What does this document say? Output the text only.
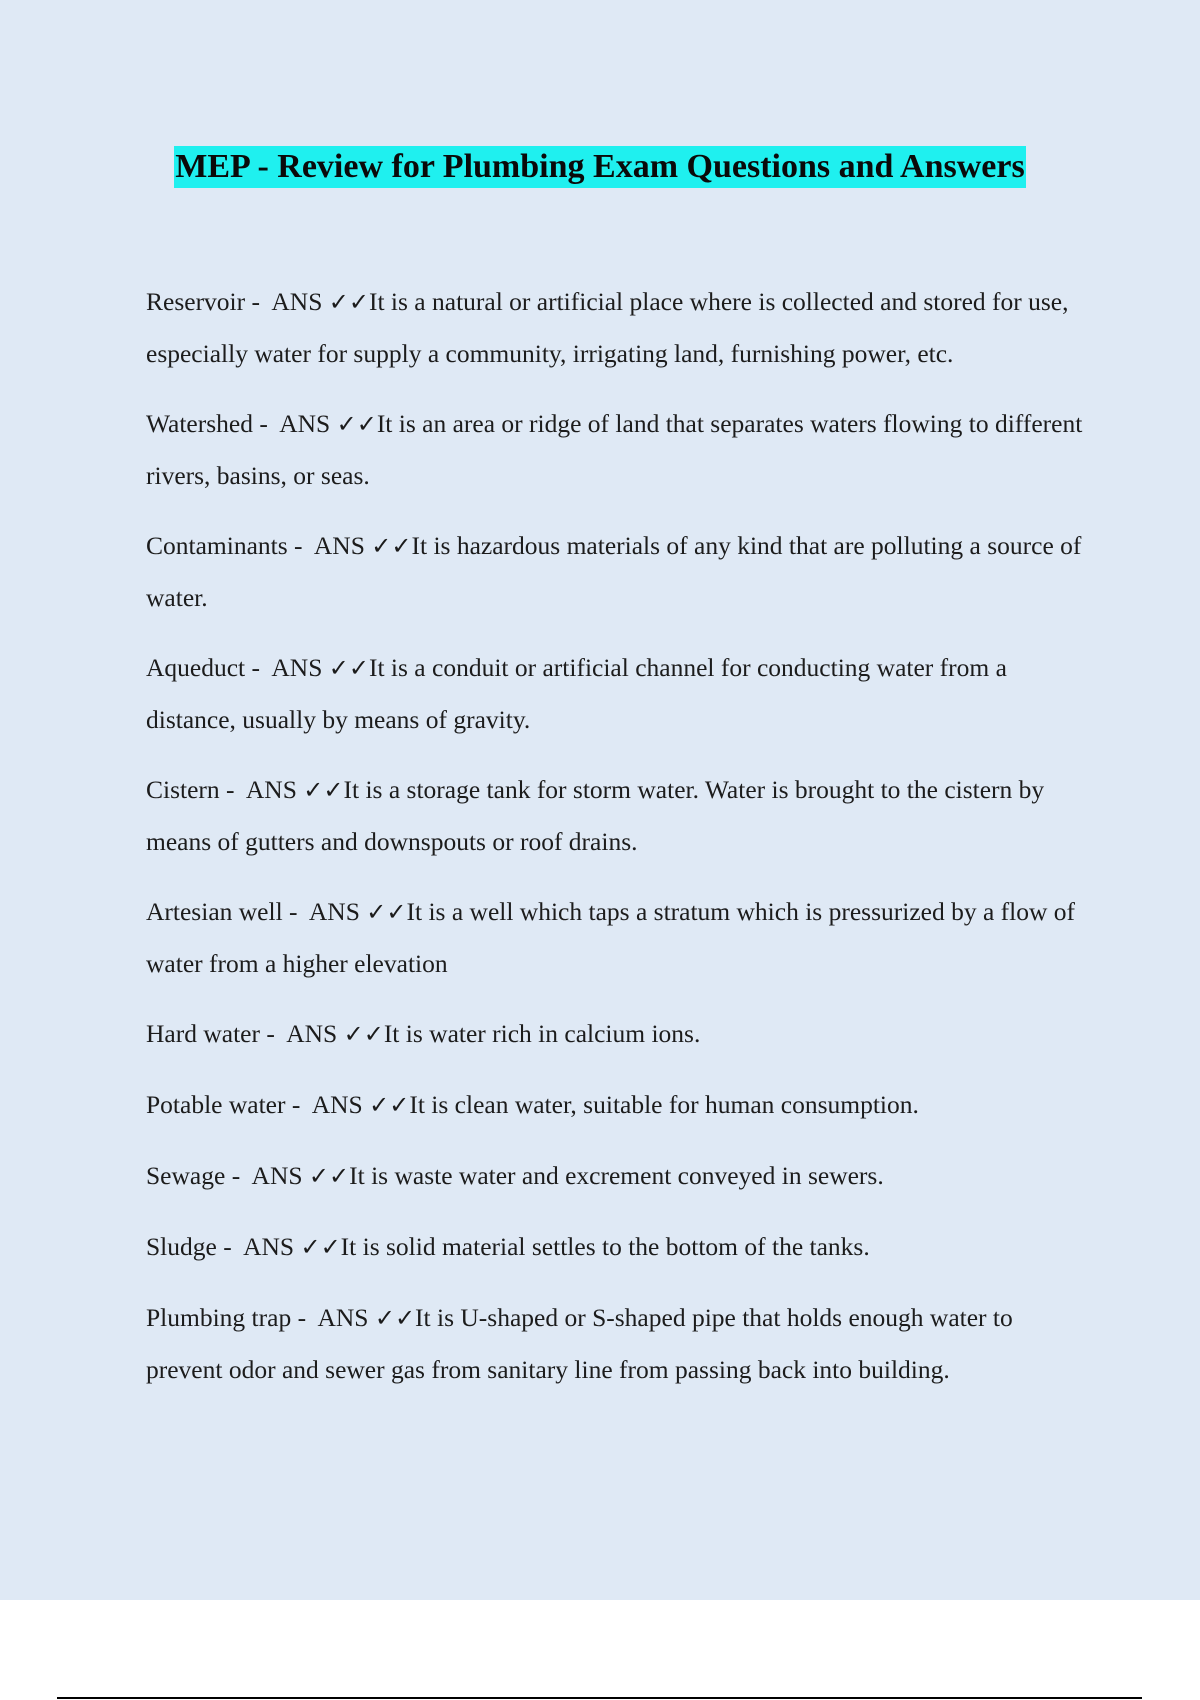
MEP - Review for Plumbing Exam Questions and Answers

Reservoir -  ANS ✓✓It is a natural or artificial place where is collected and stored for use, especially water for supply a community, irrigating land, furnishing power, etc.

Watershed -  ANS ✓✓It is an area or ridge of land that separates waters flowing to different rivers, basins, or seas.

Contaminants -  ANS ✓✓It is hazardous materials of any kind that are polluting a source of water.

Aqueduct -  ANS ✓✓It is a conduit or artificial channel for conducting water from a distance, usually by means of gravity.

Cistern -  ANS ✓✓It is a storage tank for storm water. Water is brought to the cistern by means of gutters and downspouts or roof drains.

Artesian well -  ANS ✓✓It is a well which taps a stratum which is pressurized by a flow of water from a higher elevation

Hard water -  ANS ✓✓It is water rich in calcium ions.

Potable water -  ANS ✓✓It is clean water, suitable for human consumption.

Sewage -  ANS ✓✓It is waste water and excrement conveyed in sewers.

Sludge -  ANS ✓✓It is solid material settles to the bottom of the tanks.

Plumbing trap -  ANS ✓✓It is U-shaped or S-shaped pipe that holds enough water to prevent odor and sewer gas from sanitary line from passing back into building.
